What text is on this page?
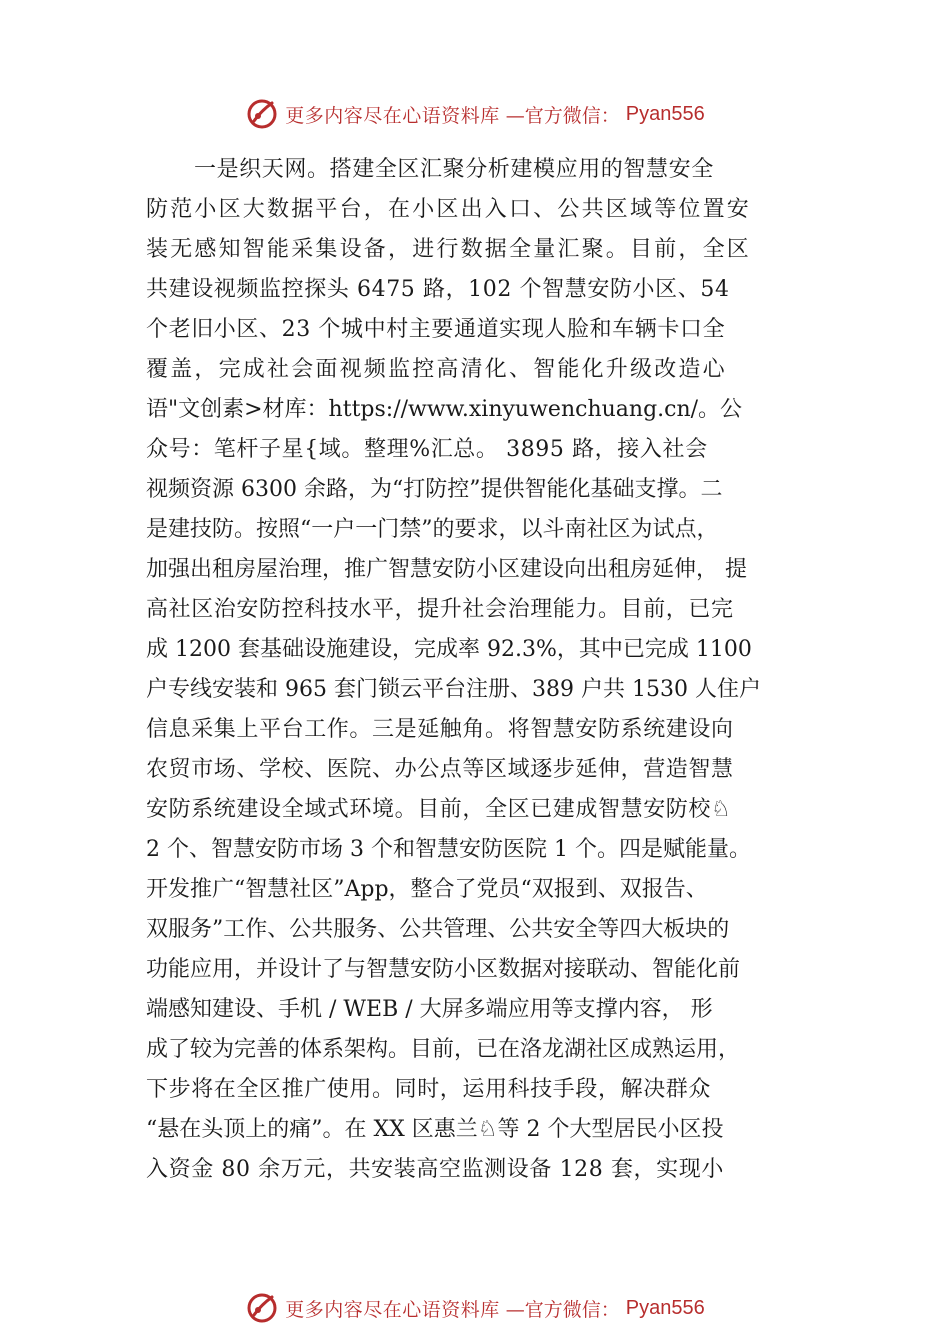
更多内容尽在心语资料库 —官方微信： Pyan556
一是织天网。搭建全区汇聚分析建模应用的智慧安全
防范小区大数据平台，在小区出入口、公共区域等位置安
装无感知智能采集设备，进行数据全量汇聚。目前，全区
共建设视频监控探头 6475 路，102 个智慧安防小区、54
个老旧小区、23 个城中村主要通道实现人脸和车辆卡口全
覆盖，完成社会面视频监控高清化、智能化升级改造心
语"文创素>材库：https://www.xinyuwenchuang.cn/。公
众号：笔杆子星{域。整理%汇总。 3895 路，接入社会
视频资源 6300 余路，为“打防控”提供智能化基础支撑。二
是建技防。按照“一户一门禁”的要求，以斗南社区为试点，
加强出租房屋治理，推广智慧安防小区建设向出租房延伸， 提
高社区治安防控科技水平，提升社会治理能力。目前，已完
成 1200 套基础设施建设，完成率 92.3%，其中已完成 1100
户专线安装和 965 套门锁云平台注册、389 户共 1530 人住户
信息采集上平台工作。三是延触角。将智慧安防系统建设向
农贸市场、学校、医院、办公点等区域逐步延伸，营造智慧
安防系统建设全域式环境。目前，全区已建成智慧安防校♘
2 个、智慧安防市场 3 个和智慧安防医院 1 个。四是赋能量。
开发推广“智慧社区”App，整合了党员“双报到、双报告、
双服务”工作、公共服务、公共管理、公共安全等四大板块的
功能应用，并设计了与智慧安防小区数据对接联动、智能化前
端感知建设、手机 / WEB / 大屏多端应用等支撑内容， 形
成了较为完善的体系架构。目前，已在洛龙湖社区成熟运用，
下步将在全区推广使用。同时，运用科技手段，解决群众
“悬在头顶上的痛”。在 XX 区惠兰♘等 2 个大型居民小区投
入资金 80 余万元，共安装高空监测设备 128 套，实现小
更多内容尽在心语资料库 —官方微信： Pyan556
